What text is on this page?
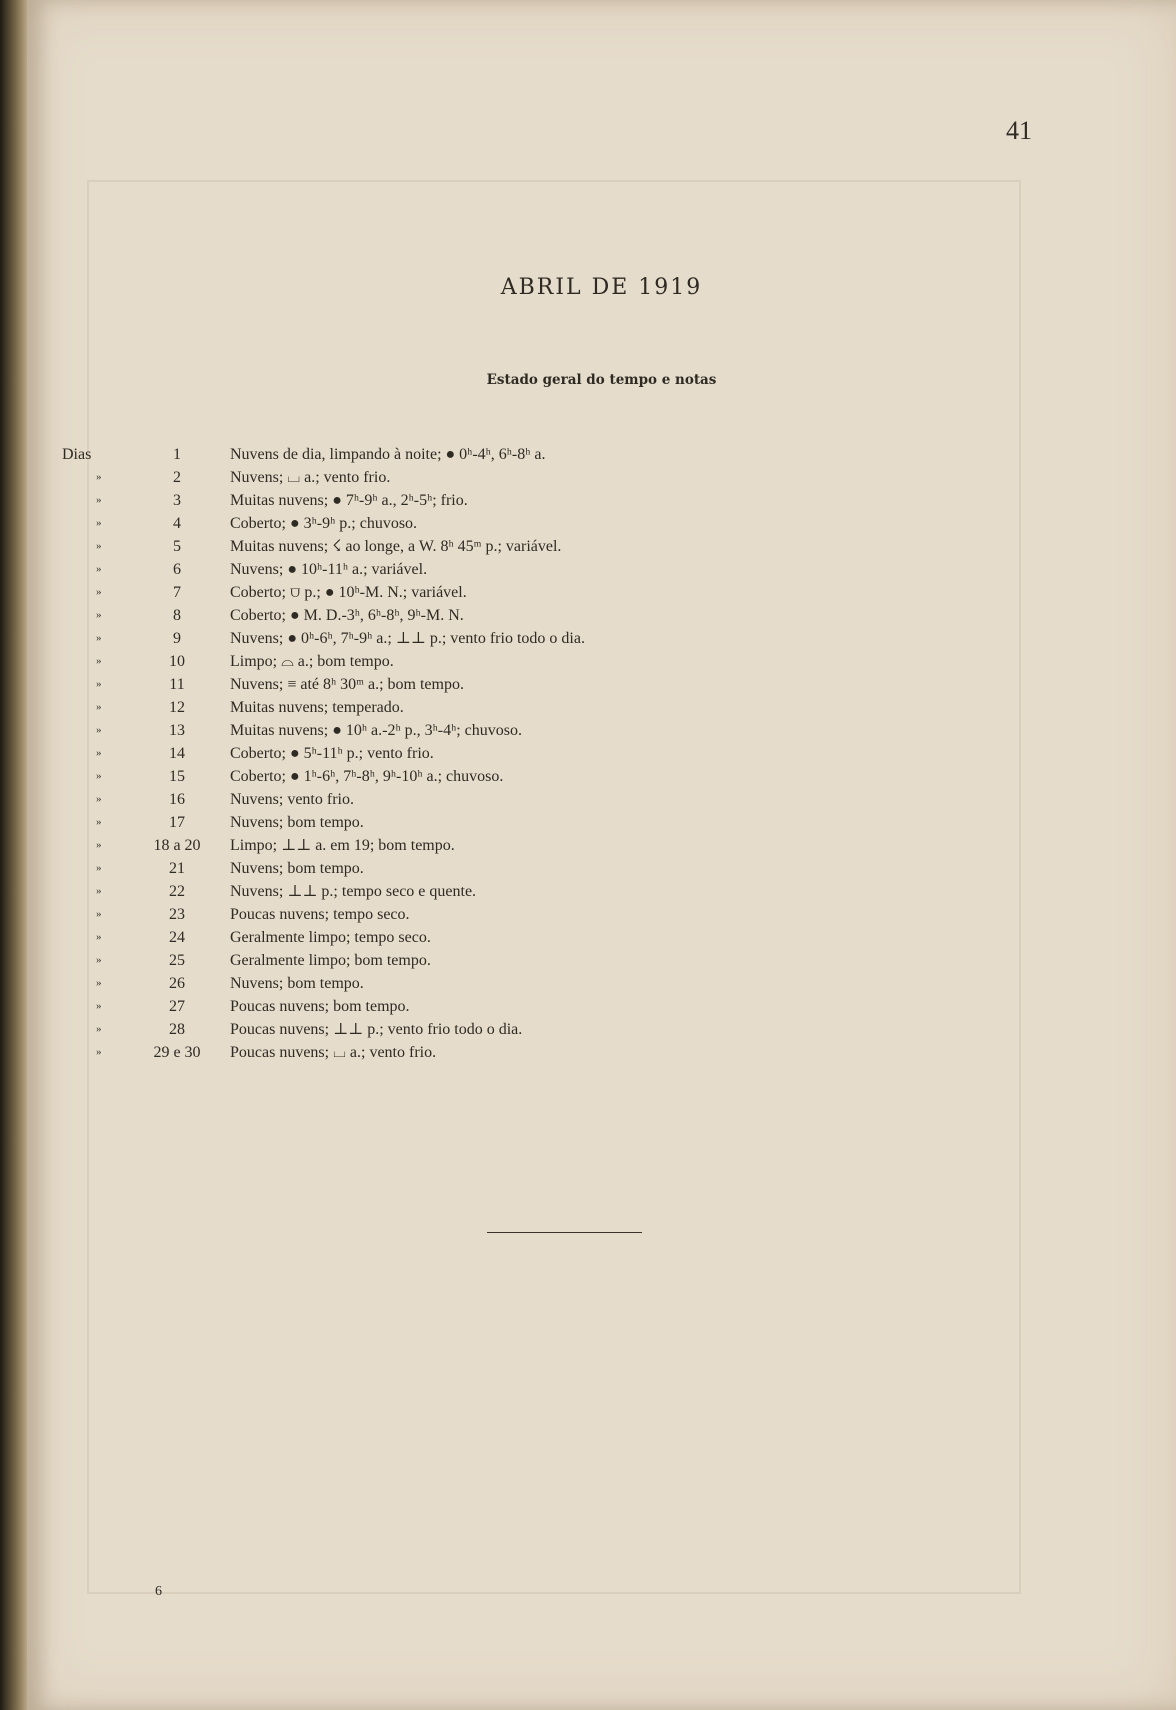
41
ABRIL DE 1919
Estado geral do tempo e notas
Dias	1	Nuvens de dia, limpando à noite; ● 0ʰ-4ʰ, 6ʰ-8ʰ a.
»	2	Nuvens; ⌴ a.; vento frio.
»	3	Muitas nuvens; ● 7ʰ-9ʰ a., 2ʰ-5ʰ; frio.
»	4	Coberto; ● 3ʰ-9ʰ p.; chuvoso.
»	5	Muitas nuvens; ☇ ao longe, a W. 8ʰ 45ᵐ p.; variável.
»	6	Nuvens; ● 10ʰ-11ʰ a.; variável.
»	7	Coberto; ⩌ p.; ● 10ʰ-M. N.; variável.
»	8	Coberto; ● M. D.-3ʰ, 6ʰ-8ʰ, 9ʰ-M. N.
»	9	Nuvens; ● 0ʰ-6ʰ, 7ʰ-9ʰ a.; ⊥⊥ p.; vento frio todo o dia.
»	10	Limpo; ⌓ a.; bom tempo.
»	11	Nuvens; ≡ até 8ʰ 30ᵐ a.; bom tempo.
»	12	Muitas nuvens; temperado.
»	13	Muitas nuvens; ● 10ʰ a.-2ʰ p., 3ʰ-4ʰ; chuvoso.
»	14	Coberto; ● 5ʰ-11ʰ p.; vento frio.
»	15	Coberto; ● 1ʰ-6ʰ, 7ʰ-8ʰ, 9ʰ-10ʰ a.; chuvoso.
»	16	Nuvens; vento frio.
»	17	Nuvens; bom tempo.
»	18 a 20	Limpo; ⊥⊥ a. em 19; bom tempo.
»	21	Nuvens; bom tempo.
»	22	Nuvens; ⊥⊥ p.; tempo seco e quente.
»	23	Poucas nuvens; tempo seco.
»	24	Geralmente limpo; tempo seco.
»	25	Geralmente limpo; bom tempo.
»	26	Nuvens; bom tempo.
»	27	Poucas nuvens; bom tempo.
»	28	Poucas nuvens; ⊥⊥ p.; vento frio todo o dia.
»	29 e 30	Poucas nuvens; ⌴ a.; vento frio.
6
